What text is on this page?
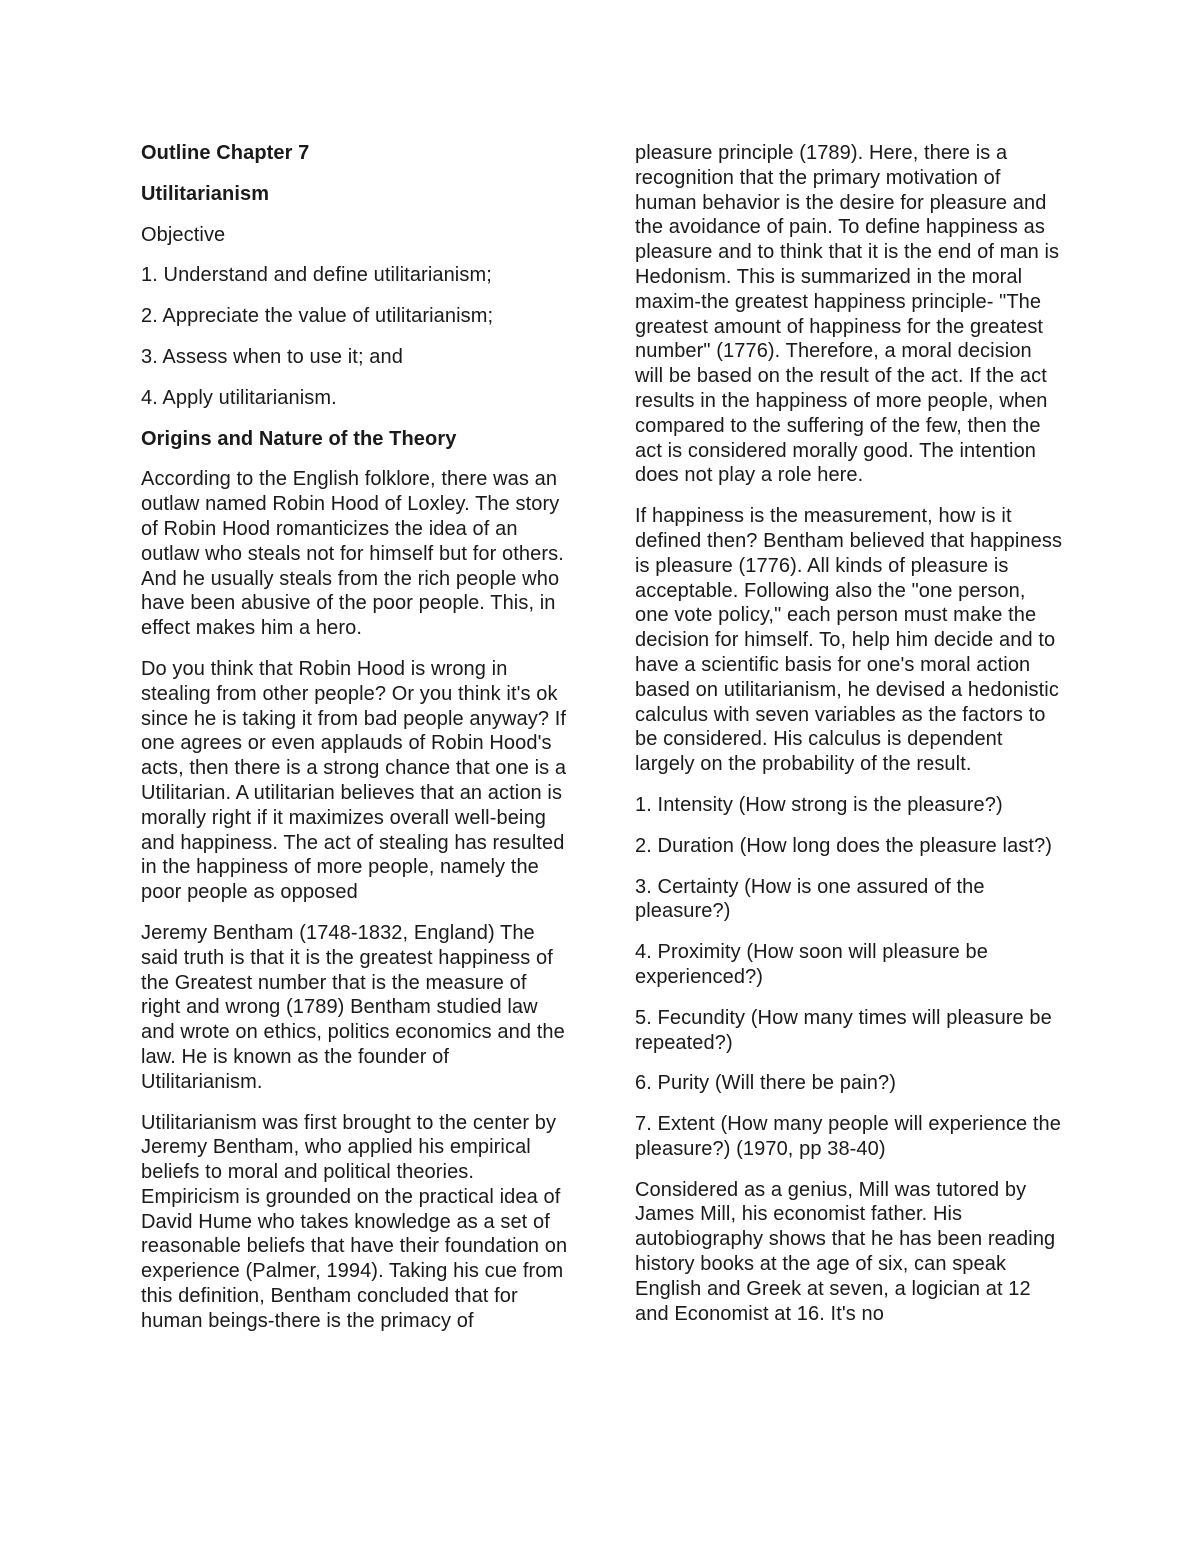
Outline Chapter 7

Utilitarianism

Objective

1. Understand and define utilitarianism;

2. Appreciate the value of utilitarianism;

3. Assess when to use it; and

4. Apply utilitarianism.

Origins and Nature of the Theory

According to the English folklore, there was an outlaw named Robin Hood of Loxley. The story of Robin Hood romanticizes the idea of an outlaw who steals not for himself but for others. And he usually steals from the rich people who have been abusive of the poor people. This, in effect makes him a hero.

Do you think that Robin Hood is wrong in stealing from other people? Or you think it's ok since he is taking it from bad people anyway? If one agrees or even applauds of Robin Hood's acts, then there is a strong chance that one is a Utilitarian. A utilitarian believes that an action is morally right if it maximizes overall well-being and happiness. The act of stealing has resulted in the happiness of more people, namely the poor people as opposed

Jeremy Bentham (1748-1832, England) The said truth is that it is the greatest happiness of the Greatest number that is the measure of right and wrong (1789) Bentham studied law and wrote on ethics, politics economics and the law. He is known as the founder of Utilitarianism.

Utilitarianism was first brought to the center by Jeremy Bentham, who applied his empirical beliefs to moral and political theories. Empiricism is grounded on the practical idea of David Hume who takes knowledge as a set of reasonable beliefs that have their foundation on experience (Palmer, 1994). Taking his cue from this definition, Bentham concluded that for human beings-there is the primacy of

pleasure principle (1789). Here, there is a recognition that the primary motivation of human behavior is the desire for pleasure and the avoidance of pain. To define happiness as pleasure and to think that it is the end of man is Hedonism. This is summarized in the moral maxim-the greatest happiness principle- "The greatest amount of happiness for the greatest number" (1776). Therefore, a moral decision will be based on the result of the act. If the act results in the happiness of more people, when compared to the suffering of the few, then the act is considered morally good. The intention does not play a role here.

If happiness is the measurement, how is it defined then? Bentham believed that happiness is pleasure (1776). All kinds of pleasure is acceptable. Following also the "one person, one vote policy," each person must make the decision for himself. To, help him decide and to have a scientific basis for one's moral action based on utilitarianism, he devised a hedonistic calculus with seven variables as the factors to be considered. His calculus is dependent largely on the probability of the result.

1. Intensity (How strong is the pleasure?)

2. Duration (How long does the pleasure last?)

3. Certainty (How is one assured of the pleasure?)

4. Proximity (How soon will pleasure be experienced?)

5. Fecundity (How many times will pleasure be repeated?)

6. Purity (Will there be pain?)

7. Extent (How many people will experience the pleasure?) (1970, pp 38-40)

Considered as a genius, Mill was tutored by James Mill, his economist father. His autobiography shows that he has been reading history books at the age of six, can speak English and Greek at seven, a logician at 12 and Economist at 16. It's no
